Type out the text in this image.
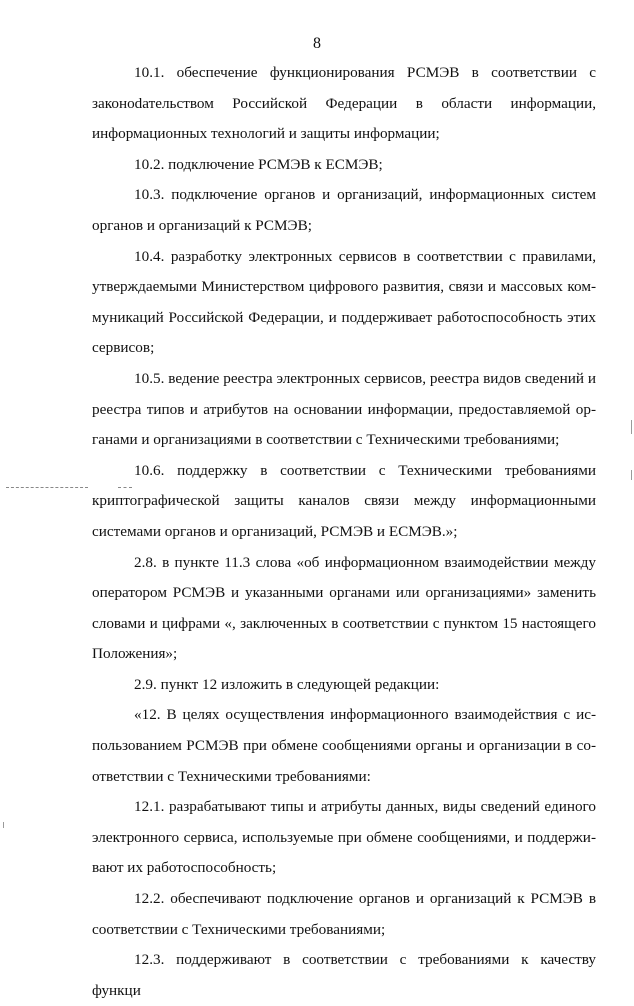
8

10.1. обеспечение функционирования РСМЭВ в соответствии с законоdательством Российской Федерации в области информации, информационных технологий и защиты информации;

10.2. подключение РСМЭВ к ЕСМЭВ;

10.3. подключение органов и организаций, информационных систем органов и организаций к РСМЭВ;

10.4. разработку электронных сервисов в соответствии с правилами, утверждаемыми Министерством цифрового развития, связи и массовых коммуникаций Российской Федерации, и поддерживает работоспособность этих сервисов;

10.5. ведение реестра электронных сервисов, реестра видов сведений и реестра типов и атрибутов на основании информации, предоставляемой органами и организациями в соответствии с Техническими требованиями;

10.6. поддержку в соответствии с Техническими требованиями криптографической защиты каналов связи между информационными системами органов и организаций, РСМЭВ и ЕСМЭВ.»;

2.8. в пункте 11.3 слова «об информационном взаимодействии между оператором РСМЭВ и указанными органами или организациями» заменить словами и цифрами «, заключенных в соответствии с пунктом 15 настоящего Положения»;

2.9. пункт 12 изложить в следующей редакции:

«12. В целях осуществления информационного взаимодействия с использованием РСМЭВ при обмене сообщениями органы и организации в соответствии с Техническими требованиями:

12.1. разрабатывают типы и атрибуты данных, виды сведений единого электронного сервиса, используемые при обмене сообщениями, и поддерживают их работоспособность;

12.2. обеспечивают подключение органов и организаций к РСМЭВ в соответствии с Техническими требованиями;

12.3. поддерживают в соответствии с требованиями к качеству функци
